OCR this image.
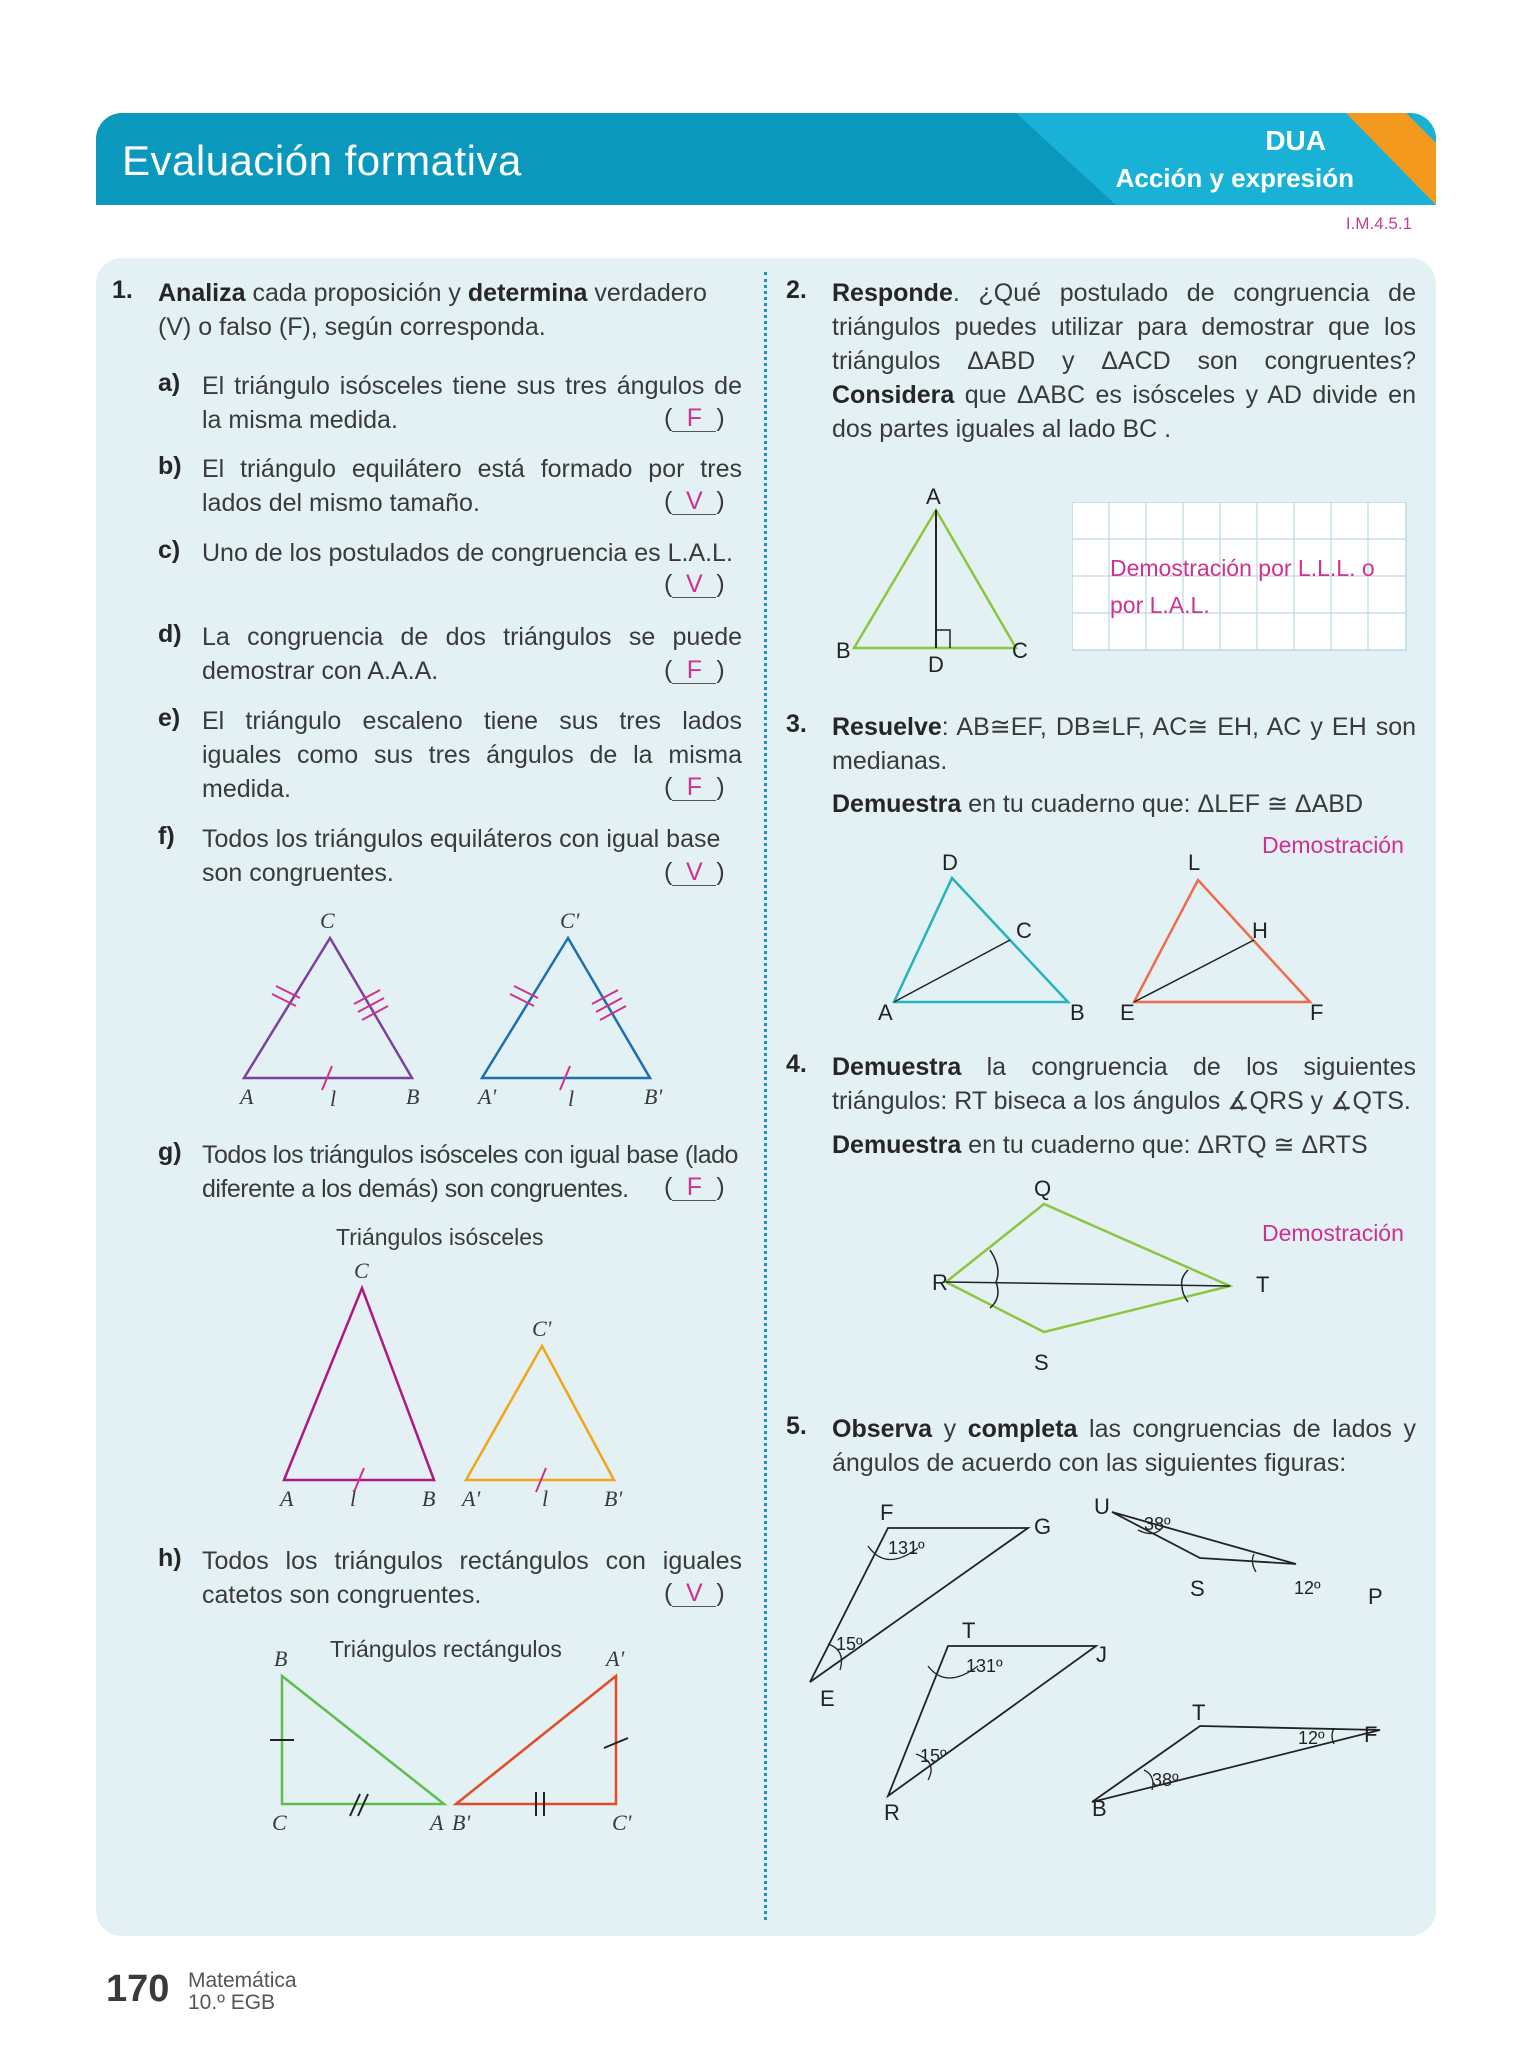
Evaluación formativa	DUA
Acción y expresión
I.M.4.5.1
1. Analiza cada proposición y determina verdadero (V) o falso (F), según corresponda.
a) El triángulo isósceles tiene sus tres ángulos de la misma medida.	( F )
b) El triángulo equilátero está formado por tres lados del mismo tamaño.	( V )
c) Uno de los postulados de congruencia es L.A.L.
( V )
d) La congruencia de dos triángulos se puede demostrar con A.A.A.	( F )
e) El triángulo escaleno tiene sus tres lados iguales como sus tres ángulos de la misma medida.	( F )
f) Todos los triángulos equiláteros con igual base son congruentes.	( V )
C
A	l	B
C'
A'	l	B'
g) Todos los triángulos isósceles con igual base (lado diferente a los demás) son congruentes.	( F )
Triángulos isósceles
C
A	l	B
C'
A'	l	B'
h) Todos los triángulos rectángulos con iguales catetos son congruentes.	( V )
Triángulos rectángulos
B
C	A B'
A'
C'
2. Responde. ¿Qué postulado de congruencia de triángulos puedes utilizar para demostrar que los triángulos ΔABD y ΔACD son congruentes? Considera que ΔABC es isósceles y AD divide en dos partes iguales al lado BC .
A
B
D
C
Demostración por L.L.L. o por L.A.L.
3. Resuelve: AB≅EF, DB≅LF, AC≅ EH, AC y EH son medianas.
Demuestra en tu cuaderno que: ΔLEF ≅ ΔABD
Demostración
D
C
A	B
L
H
E	F
4. Demuestra la congruencia de los siguientes triángulos: RT biseca a los ángulos ∡QRS y ∡QTS.
Demuestra en tu cuaderno que: ΔRTQ ≅ ΔRTS
Demostración
Q
R	T
S
5. Observa y completa las congruencias de lados y ángulos de acuerdo con las siguientes figuras:
131º
15º
38º
12º
131º
15º
38º
12º
F
G
E
U
S	P
T
J
R
T
F
B
170 Matemática
10.º EGB
